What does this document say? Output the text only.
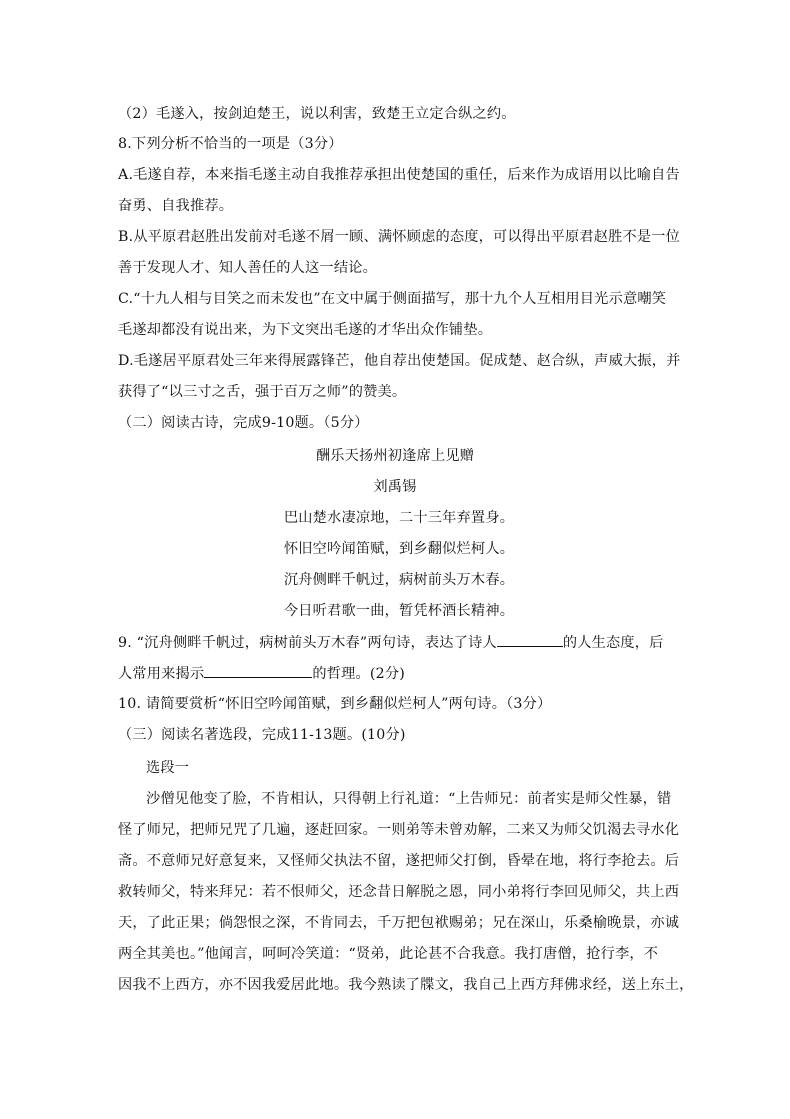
（2）毛遂入，按剑迫楚王，说以利害，致楚王立定合纵之约。
8.下列分析不恰当的一项是（3分）
A.毛遂自荐，本来指毛遂主动自我推荐承担出使楚国的重任，后来作为成语用以比喻自告
奋勇、自我推荐。
B.从平原君赵胜出发前对毛遂不屑一顾、满怀顾虑的态度，可以得出平原君赵胜不是一位
善于发现人才、知人善任的人这一结论。
C.“十九人相与目笑之而未发也”在文中属于侧面描写，那十九个人互相用目光示意嘲笑
毛遂却都没有说出来，为下文突出毛遂的才华出众作铺垫。
D.毛遂居平原君处三年来得展露锋芒，他自荐出使楚国。促成楚、赵合纵，声威大振，并
获得了“以三寸之舌，强于百万之师”的赞美。
（二）阅读古诗，完成9-10题。（5分）
酬乐天扬州初逢席上见赠
刘禹锡
巴山楚水凄凉地，二十三年弃置身。
怀旧空吟闻笛赋，到乡翻似烂柯人。
沉舟侧畔千帆过，病树前头万木春。
今日听君歌一曲，暂凭杯酒长精神。
9. “沉舟侧畔千帆过，病树前头万木春”两句诗，表达了诗人	的人生态度，后
人常用来揭示	的哲理。(2分)
10. 请简要赏析“怀旧空吟闻笛赋，到乡翻似烂柯人”两句诗。（3分）
（三）阅读名著选段，完成11-13题。(10分)
选段一
沙僧见他变了脸，不肯相认，只得朝上行礼道：“上告师兄：前者实是师父性暴，错
怪了师兄，把师兄咒了几遍，逐赶回家。一则弟等未曾劝解，二来又为师父饥渴去寻水化
斋。不意师兄好意复来，又怪师父执法不留，遂把师父打倒，昏晕在地，将行李抢去。后
救转师父，特来拜兄：若不恨师父，还念昔日解脱之恩，同小弟将行李回见师父，共上西
天，了此正果；倘怨恨之深，不肯同去，千万把包袱赐弟；兄在深山，乐桑榆晚景，亦诚
两全其美也。”他闻言，呵呵冷笑道：“贤弟，此论甚不合我意。我打唐僧，抢行李，不
因我不上西方，亦不因我爱居此地。我今熟读了牒文，我自己上西方拜佛求经，送上东土，
